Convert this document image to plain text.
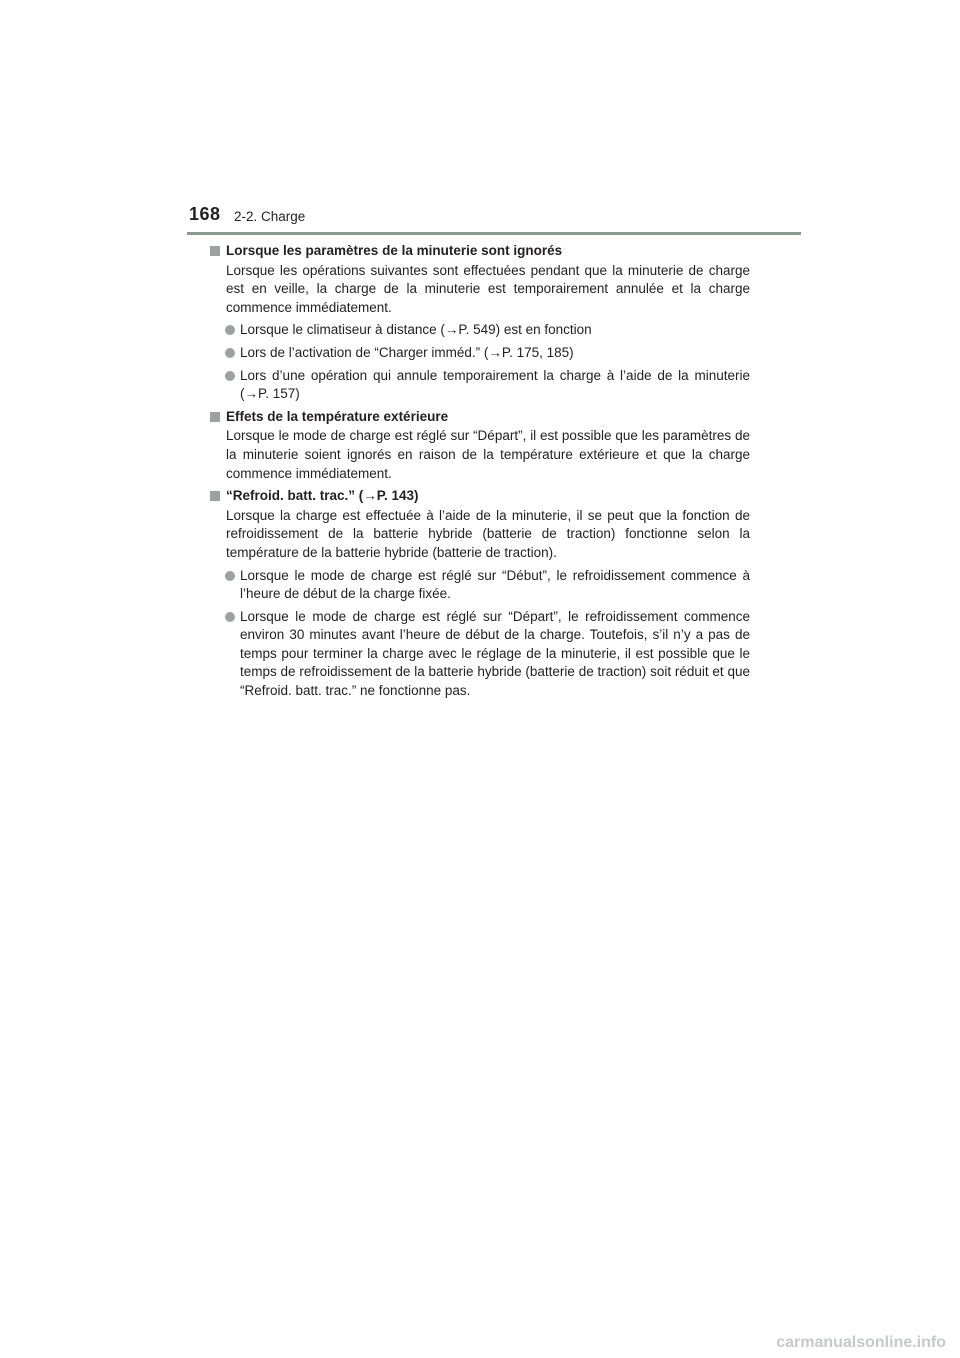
168 2-2. Charge
Lorsque les paramètres de la minuterie sont ignorés
Lorsque les opérations suivantes sont effectuées pendant que la minuterie de charge est en veille, la charge de la minuterie est temporairement annulée et la charge commence immédiatement.
Lorsque le climatiseur à distance (→P. 549) est en fonction
Lors de l’activation de “Charger imméd.” (→P. 175, 185)
Lors d’une opération qui annule temporairement la charge à l’aide de la minuterie (→P. 157)
Effets de la température extérieure
Lorsque le mode de charge est réglé sur “Départ”, il est possible que les paramètres de la minuterie soient ignorés en raison de la température extérieure et que la charge commence immédiatement.
“Refroid. batt. trac.” (→P. 143)
Lorsque la charge est effectuée à l’aide de la minuterie, il se peut que la fonction de refroidissement de la batterie hybride (batterie de traction) fonctionne selon la température de la batterie hybride (batterie de traction).
Lorsque le mode de charge est réglé sur “Début”, le refroidissement commence à l’heure de début de la charge fixée.
Lorsque le mode de charge est réglé sur “Départ”, le refroidissement commence environ 30 minutes avant l’heure de début de la charge. Toutefois, s’il n’y a pas de temps pour terminer la charge avec le réglage de la minuterie, il est possible que le temps de refroidissement de la batterie hybride (batterie de traction) soit réduit et que “Refroid. batt. trac.” ne fonctionne pas.
carmanualsonline.info
